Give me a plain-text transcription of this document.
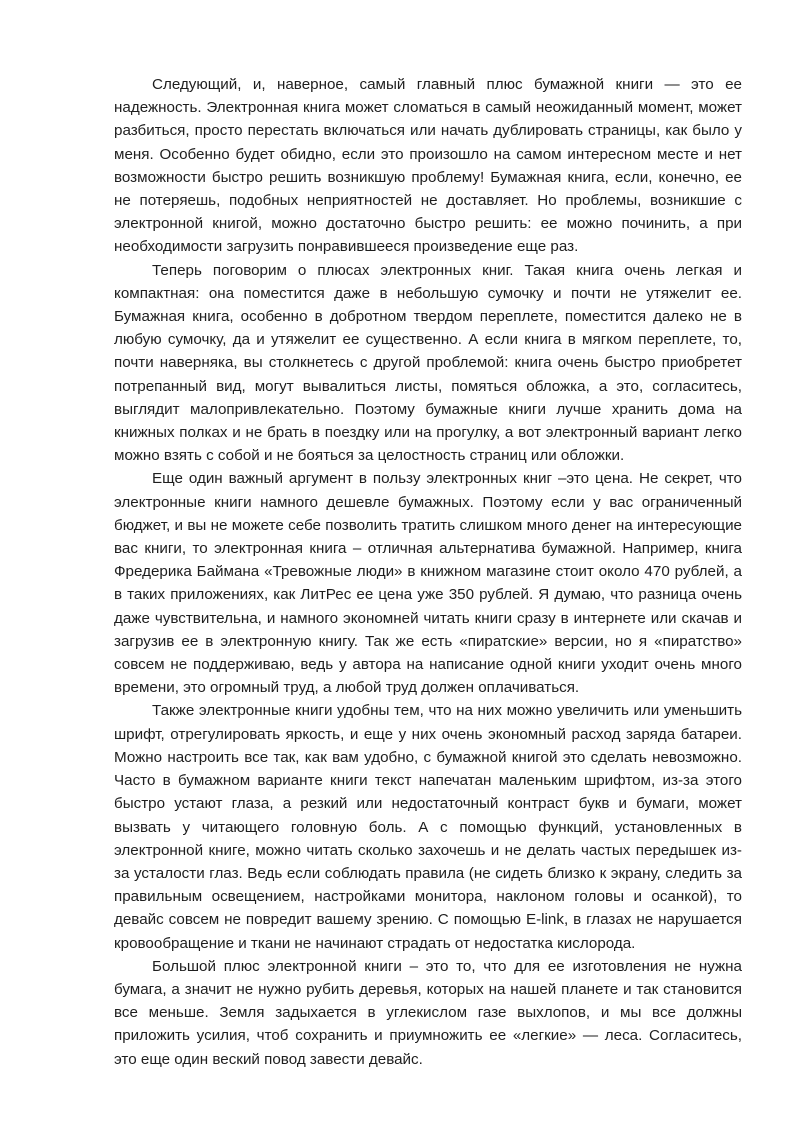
Следующий, и, наверное, самый главный плюс бумажной книги — это ее надежность. Электронная книга может сломаться в самый неожиданный момент, может разбиться, просто перестать включаться или начать дублировать страницы, как было у меня. Особенно будет обидно, если это произошло на самом интересном месте и нет возможности быстро решить возникшую проблему! Бумажная книга, если, конечно, ее не потеряешь, подобных неприятностей не доставляет. Но проблемы, возникшие с электронной книгой, можно достаточно быстро решить: ее можно починить, а при необходимости загрузить понравившееся произведение еще раз.

Теперь поговорим о плюсах электронных книг. Такая книга очень легкая и компактная: она поместится даже в небольшую сумочку и почти не утяжелит ее. Бумажная книга, особенно в добротном твердом переплете, поместится далеко не в любую сумочку, да и утяжелит ее существенно. А если книга в мягком переплете, то, почти наверняка, вы столкнетесь с другой проблемой: книга очень быстро приобретет потрепанный вид, могут вывалиться листы, помяться обложка, а это, согласитесь, выглядит малопривлекательно. Поэтому бумажные книги лучше хранить дома на книжных полках и не брать в поездку или на прогулку, а вот электронный вариант легко можно взять с собой и не бояться за целостность страниц или обложки.

Еще один важный аргумент в пользу электронных книг –это цена. Не секрет, что электронные книги намного дешевле бумажных. Поэтому если у вас ограниченный бюджет, и вы не можете себе позволить тратить слишком много денег на интересующие вас книги, то электронная книга – отличная альтернатива бумажной. Например, книга Фредерика Баймана «Тревожные люди» в книжном магазине стоит около 470 рублей, а в таких приложениях, как ЛитРес ее цена уже 350 рублей. Я думаю, что разница очень даже чувствительна, и намного экономней читать книги сразу в интернете или скачав и загрузив ее в электронную книгу. Так же есть «пиратские» версии, но я «пиратство» совсем не поддерживаю, ведь у автора на написание одной книги уходит очень много времени, это огромный труд, а любой труд должен оплачиваться.

Также электронные книги удобны тем, что на них можно увеличить или уменьшить шрифт, отрегулировать яркость, и еще у них очень экономный расход заряда батареи. Можно настроить все так, как вам удобно, с бумажной книгой это сделать невозможно. Часто в бумажном варианте книги текст напечатан маленьким шрифтом, из-за этого быстро устают глаза, а резкий или недостаточный контраст букв и бумаги, может вызвать у читающего головную боль. А с помощью функций, установленных в электронной книге, можно читать сколько захочешь и не делать частых передышек из-за усталости глаз. Ведь если соблюдать правила (не сидеть близко к экрану, следить за правильным освещением, настройками монитора, наклоном головы и осанкой), то девайс совсем не повредит вашему зрению. С помощью E-link, в глазах не нарушается кровообращение и ткани не начинают страдать от недостатка кислорода.

Большой плюс электронной книги – это то, что для ее изготовления не нужна бумага, а значит не нужно рубить деревья, которых на нашей планете и так становится все меньше. Земля задыхается в углекислом газе выхлопов, и мы все должны приложить усилия, чтоб сохранить и приумножить ее «легкие» — леса. Согласитесь, это еще один веский повод завести девайс.
